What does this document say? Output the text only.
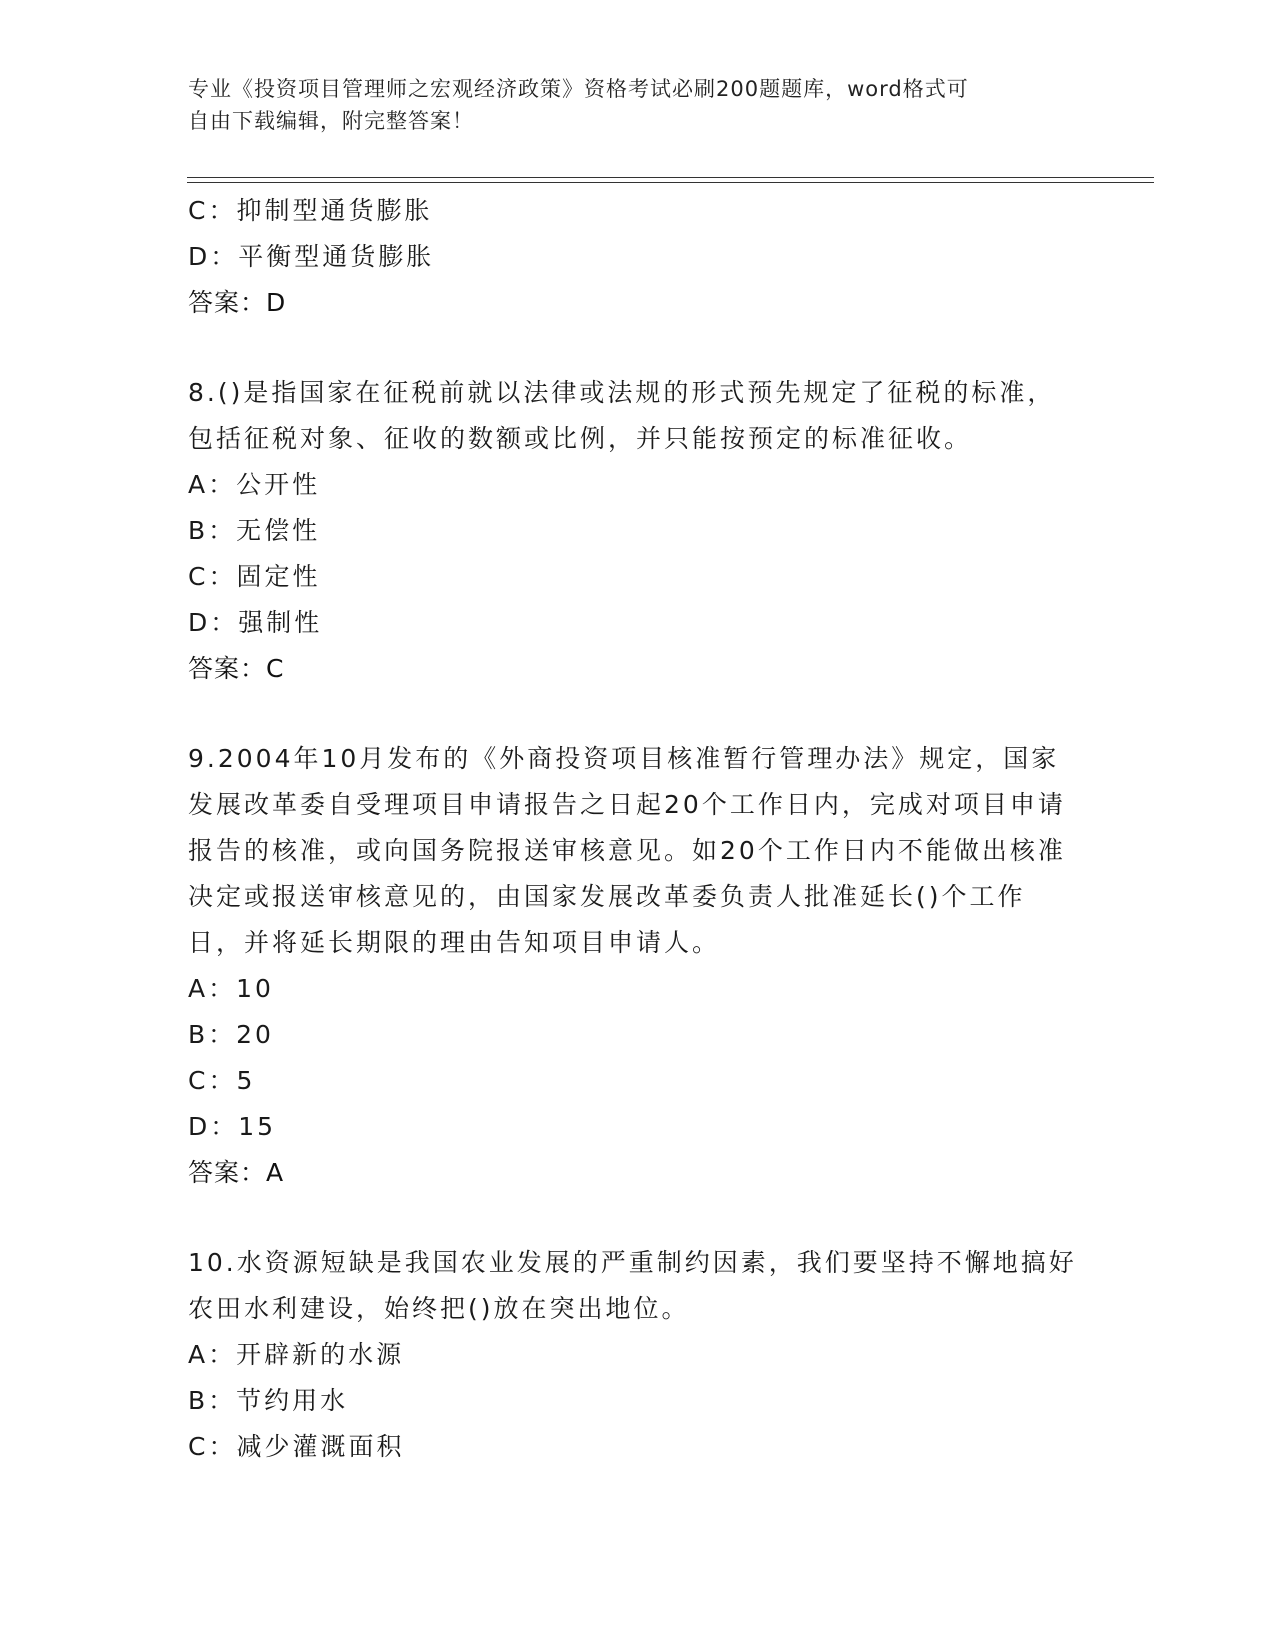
专业《投资项目管理师之宏观经济政策》资格考试必刷200题题库，word格式可
自由下载编辑，附完整答案！
C：抑制型通货膨胀
D：平衡型通货膨胀
答案：D
8.()是指国家在征税前就以法律或法规的形式预先规定了征税的标准，包括征税对象、征收的数额或比例，并只能按预定的标准征收。
A：公开性
B：无偿性
C：固定性
D：强制性
答案：C
9.2004年10月发布的《外商投资项目核准暂行管理办法》规定，国家发展改革委自受理项目申请报告之日起20个工作日内，完成对项目申请报告的核准，或向国务院报送审核意见。如20个工作日内不能做出核准决定或报送审核意见的，由国家发展改革委负责人批准延长()个工作日，并将延长期限的理由告知项目申请人。
A：10
B：20
C：5
D：15
答案：A
10.水资源短缺是我国农业发展的严重制约因素，我们要坚持不懈地搞好农田水利建设，始终把()放在突出地位。
A：开辟新的水源
B：节约用水
C：减少灌溉面积
